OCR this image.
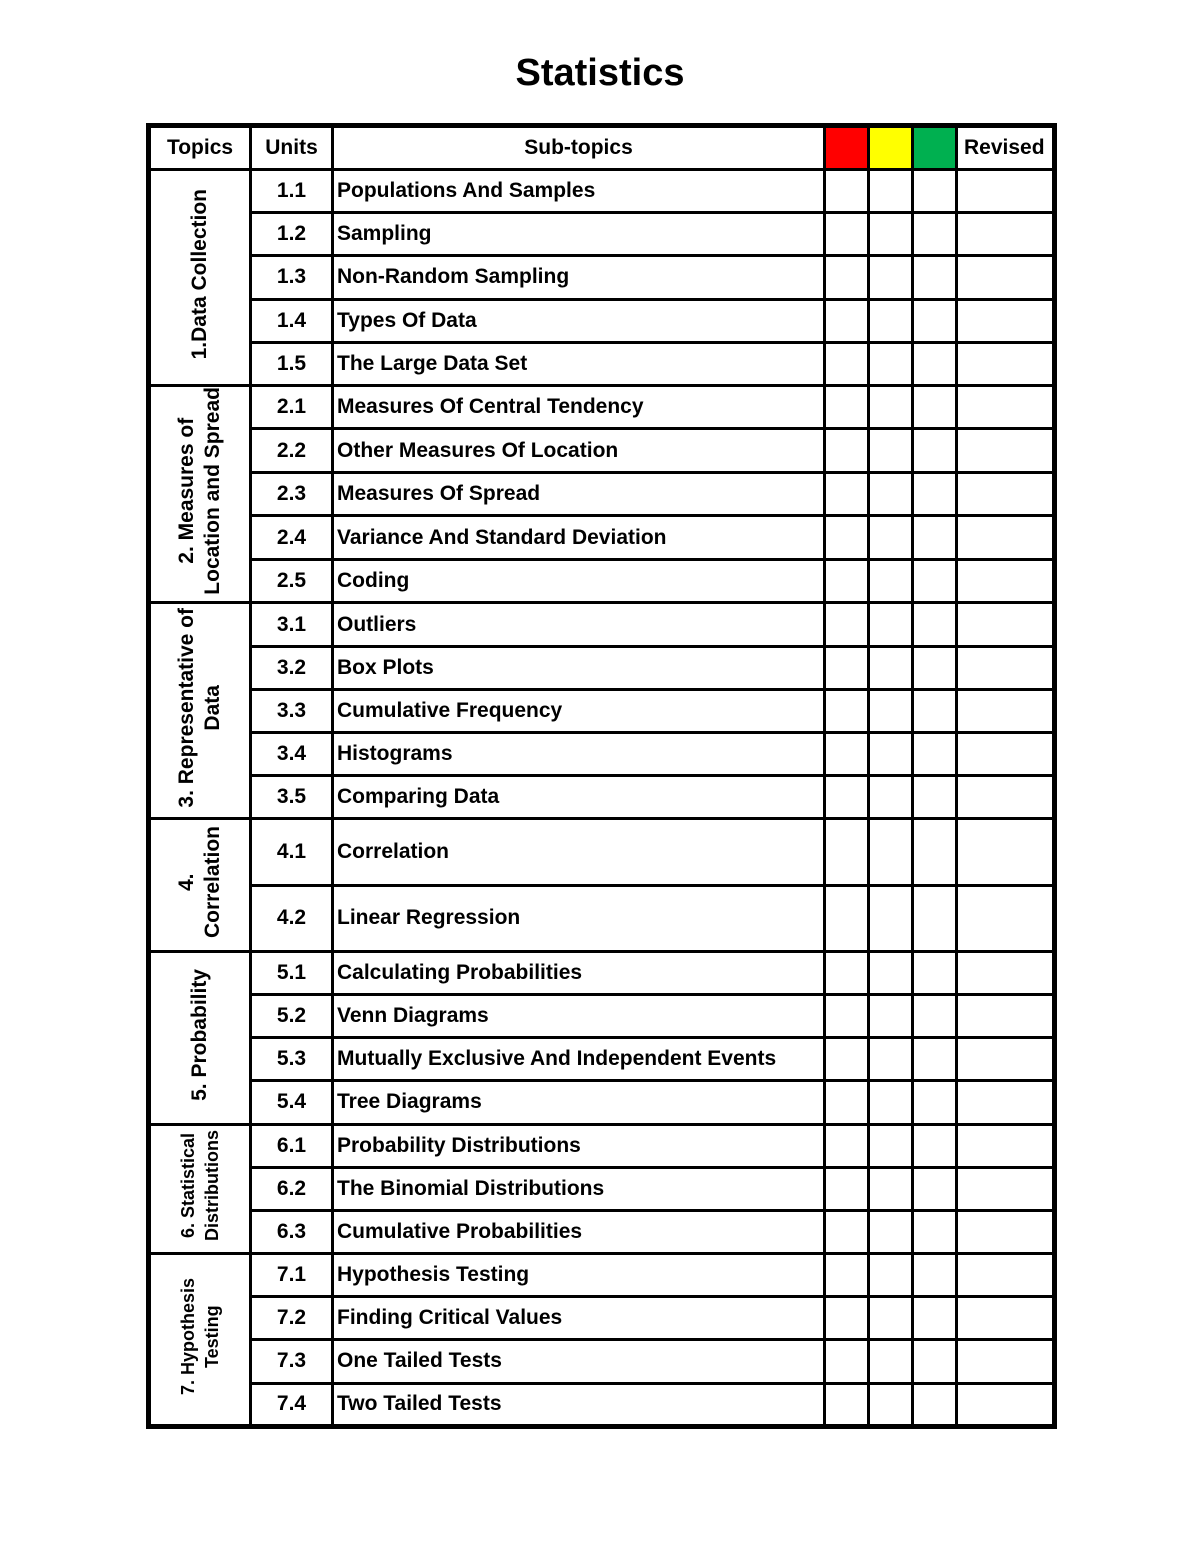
Statistics
Topics	Units	Sub-topics				Revised
1.Data Collection	1.1	Populations And Samples				
	1.2	Sampling				
	1.3	Non-Random Sampling				
	1.4	Types Of Data				
	1.5	The Large Data Set				
2. Measures of
Location and Spread	2.1	Measures Of Central Tendency				
	2.2	Other Measures Of Location				
	2.3	Measures Of Spread				
	2.4	Variance And Standard Deviation				
	2.5	Coding				
3. Representative of
Data	3.1	Outliers				
	3.2	Box Plots				
	3.3	Cumulative Frequency				
	3.4	Histograms				
	3.5	Comparing Data				
4.
Correlation	4.1	Correlation				
	4.2	Linear Regression				
5. Probability	5.1	Calculating Probabilities				
	5.2	Venn Diagrams				
	5.3	Mutually Exclusive And Independent Events				
	5.4	Tree Diagrams				
6. Statistical
Distributions	6.1	Probability Distributions				
	6.2	The Binomial Distributions				
	6.3	Cumulative Probabilities				
7. Hypothesis
Testing	7.1	Hypothesis Testing				
	7.2	Finding Critical Values				
	7.3	One Tailed Tests				
	7.4	Two Tailed Tests				
